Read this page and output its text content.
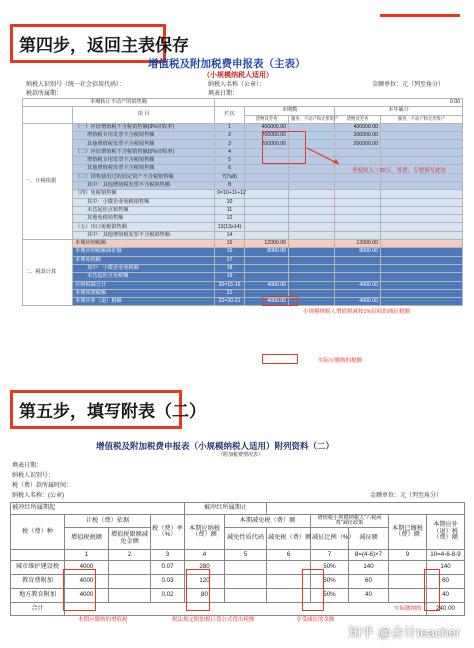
第四步，返回主表保存
增值税及附加税费申报表（主表）
（小规模纳税人适用）
纳税人识别号（统一社会信用代码）：	纳税人名称（公章）：	金额单位：元（列至角分）
税款所属期：	填表日期：
本期转让不动产的销售额		0.00				
	项 目	栏次	本期数		本年累计	
			货物及劳务	服务、不动产和无形资产	货物及劳务	服务、不动产和无形资产
一、计税依据	（一）应征增值税不含税销售额(3%征收率)	1	400000.00		400000.00	
	增值税专用发票不含税销售额	2	200000.00		200000.00	
	其他增值税发票不含税销售额	3	200000.00		200000.00	
	（二）应征增值税不含税销售额(5%征收率)	4				
	增值税专用发票不含税销售额	5				
	其他增值税发票不含税销售额	6				
	（三）销售使用过的固定资产不含税销售额	7(7≥8)				
	其中：其他增值税发票不含税销售额	8				
	（四）免税销售额	9=10+11+12				
	其中：小微企业免税销售额	10				
	未达起征点销售额	11				
	其他免税销售额	12				
	（五）出口免税销售额	13(13≥14)				
	其中：其他增值税发票不含税销售额	14				
二、税款计算	本期应纳税额	15	12000.00		12000.00	
	本期应纳税额减征额	16	8000.00		8000.00	
	本期免税额	17				
	其中：小微企业免税额	18				
	未达起征点免税额	19				
	应纳税额合计	20=15-16	4000.00		4000.00	
	本期预缴税额	21				
	本期应补（退）税额	22=20-21	4000.00		4000.00	
季度收入＞30万，普票、专票填写此处
小规模纳税人增值税减按1%征收的减征税额
实际应缴纳的税额
第五步，填写附表（二）
增值税及附加税费申报表（小规模纳税人适用）附列资料（二）
（附加税费情况表）
填表日期：
纳税人识别号：
税（费）款所属时间：
纳税人名称：(公章)	金额单位：元（列至角分）
被冲红所属期起				被冲红所属期止						
税（费）种	计税（费）依据		税（费）率（%）	本期应纳税（费）额	本期减免税（费）额		增值税小规模纳税人“六税两费”减征政策		本期已缴税（费）额	本期应补（退）税（费）额
	增值税税额	增值税限额减免金额			减免性质代码	减免税（费）额	减征比例（%）	减征额		
	1	2	3	4	5	6	7	8=(4-6)×7	9	10=4-6-8-9
城市维护建设税	4000		0.07	280			50%	140		140
教育费附加	4000		0.03	120			50%	60		60
地方教育附加	4000		0.02	80			50%	40		40
合计										240.00
本期应缴纳的增值税	税法规定附加税计算公式得出税额	享受减征的金额
实际缴纳的
知乎 @会计teacher
